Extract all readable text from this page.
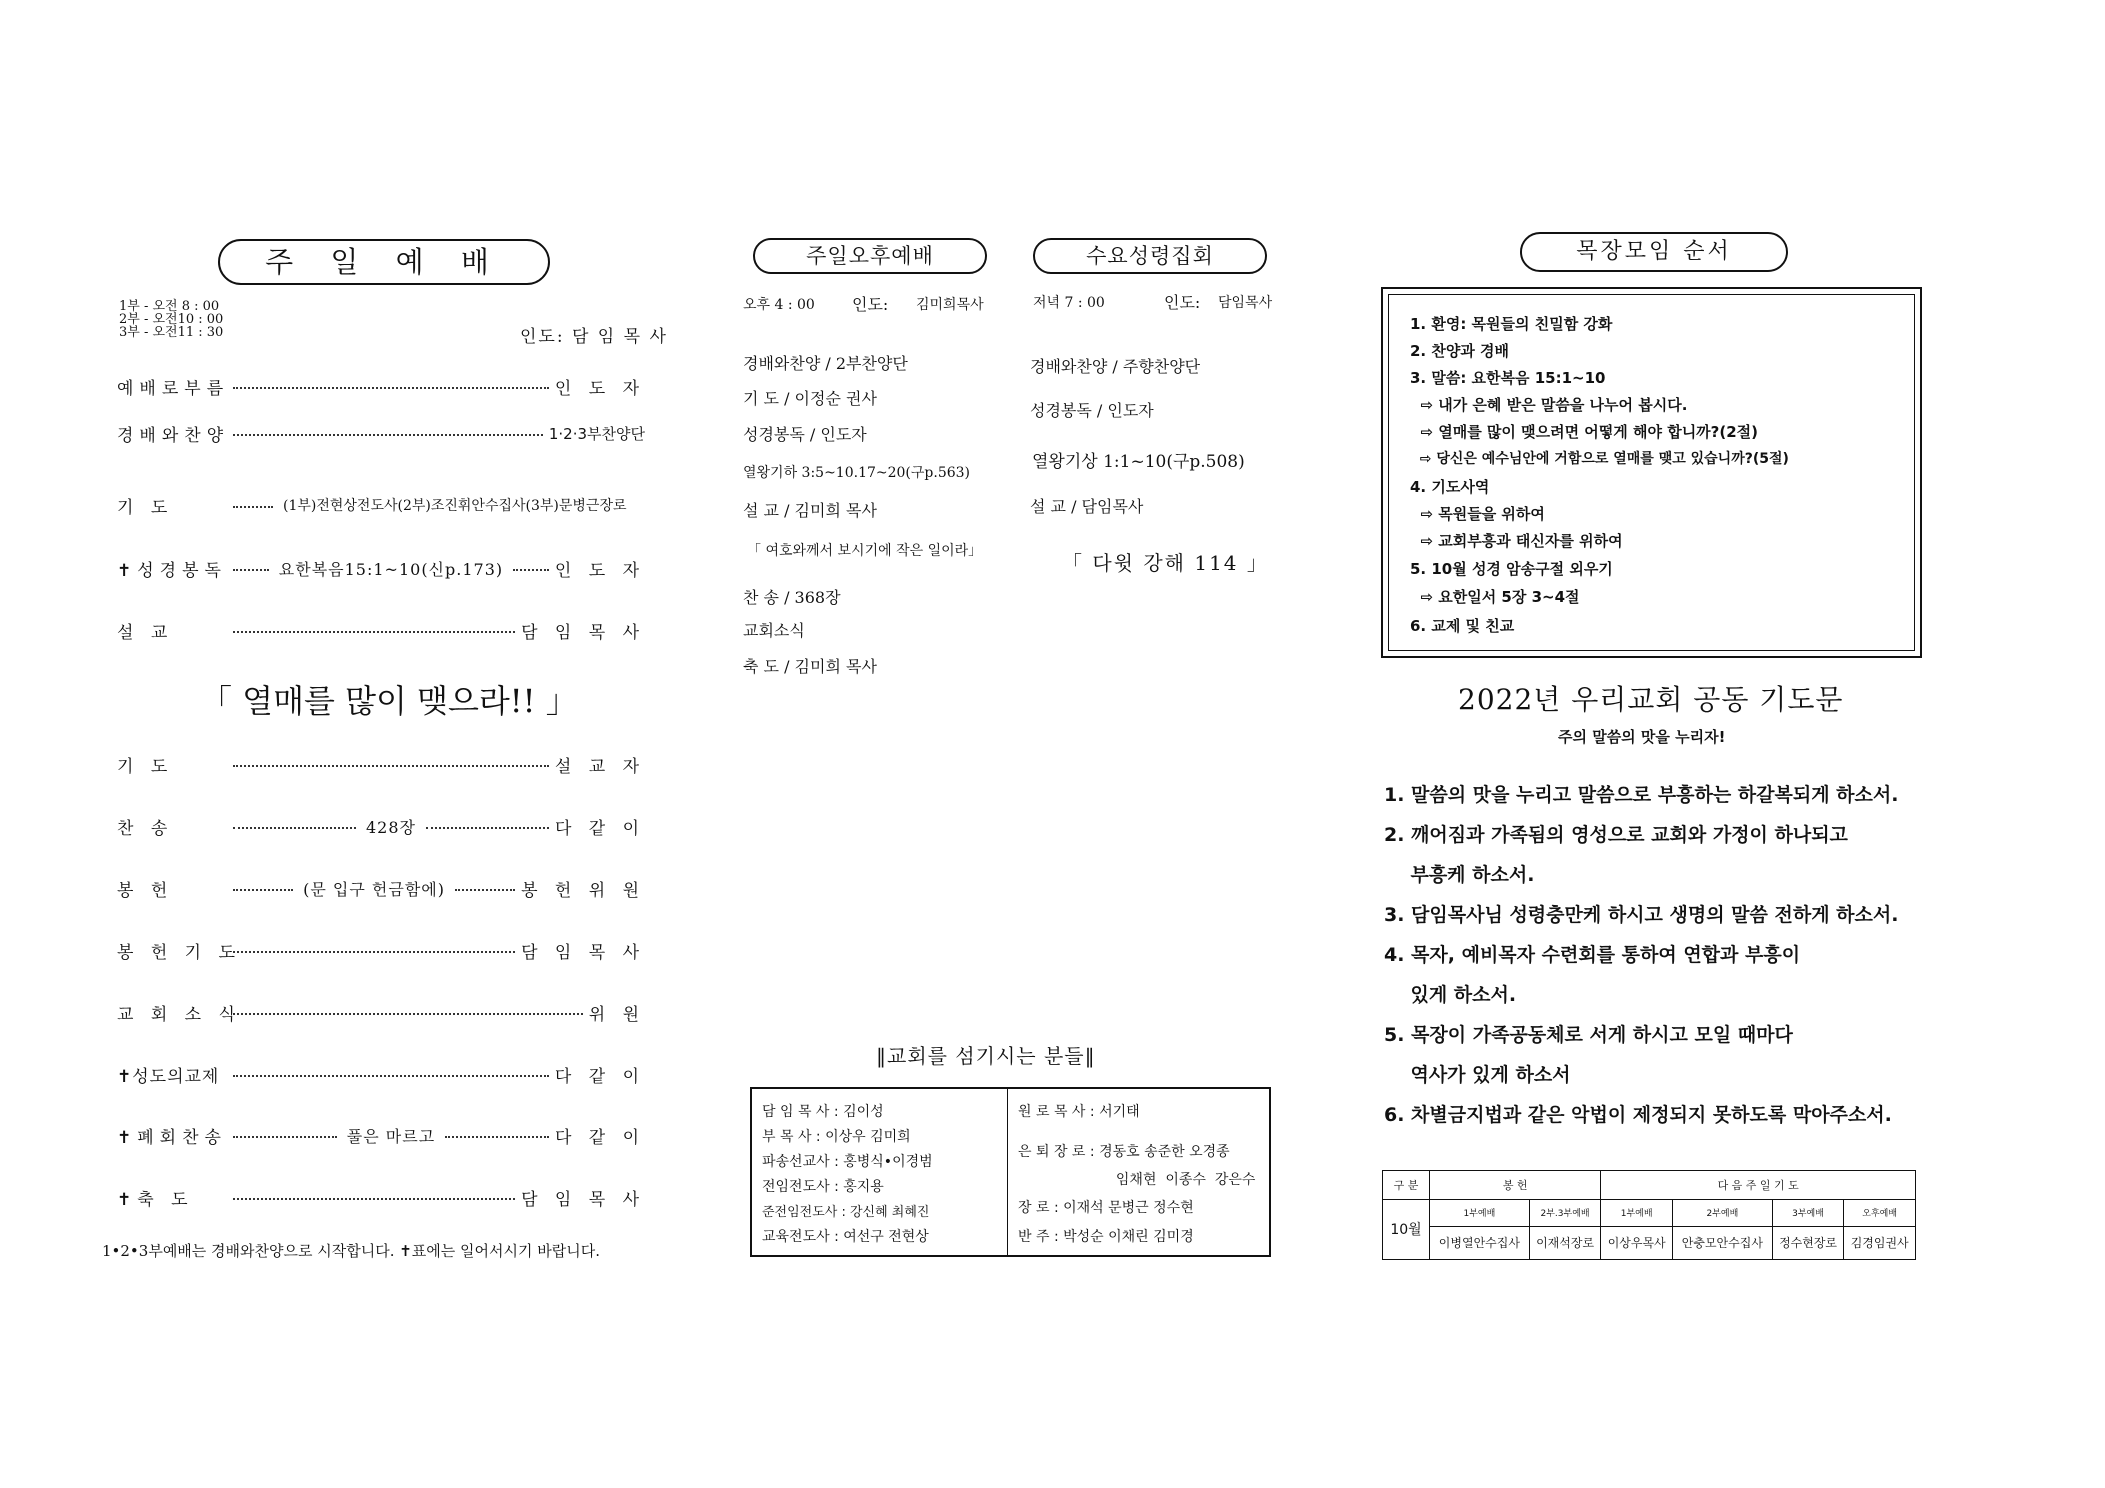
주 일 예 배
1부 - 오전 8 : 00
2부 - 오전10 : 00
3부 - 오전11 : 30	인도: 담 임 목 사
예배로부름	인 도 자
경배와찬양	1·2·3부찬양단
기 도	(1부)전현상전도사(2부)조진휘안수집사(3부)문병근장로
✝성경봉독	요한복음15:1~10(신p.173)	인 도 자
설 교	담 임 목 사
「 열매를 많이 맺으라!! 」
기 도	설 교 자
찬 송	428장	다 같 이
봉 헌	(문 입구 헌금함에)	봉 헌 위 원
봉 헌 기 도	담 임 목 사
교 회 소 식	위 원
✝성도의교제	다 같 이
✝폐회찬송	풀은 마르고	다 같 이
✝축 도	담 임 목 사
1•2•3부예배는 경배와찬양으로 시작합니다. ✝표에는 일어서시기 바랍니다.
주일오후예배	수요성령집회
오후 4 : 00 인도: 김미희목사
경배와찬양 / 2부찬양단
기 도 / 이정순 권사
성경봉독 / 인도자
열왕기하 3:5~10.17~20(구p.563)
설 교 / 김미희 목사
「 여호와께서 보시기에 작은 일이라」
찬 송 / 368장
교회소식
축 도 / 김미희 목사
저녁 7 : 00	인도: 담임목사
경배와찬양 / 주향찬양단
성경봉독 / 인도자
열왕기상 1:1~10(구p.508)
설 교 / 담임목사
「 다윗 강해 114 」
‖교회를 섬기시는 분들‖
담 임 목 사 : 김이성
부 목 사 : 이상우 김미희
파송선교사 : 홍병식•이경범
전임전도사 : 홍지용
준전임전도사 : 강신혜 최혜진
교육전도사 : 여선구 전현상
원 로 목 사 : 서기태
은 퇴 장 로 : 경동호 송준한 오경종
임채현  이종수  강은수
장 로 : 이재석 문병근 정수현
반 주 : 박성순 이채린 김미경
목장모임 순서
1. 환영: 목원들의 친밀함 강화
2. 찬양과 경배
3. 말씀: 요한복음 15:1~10
⇨ 내가 은혜 받은 말씀을 나누어 봅시다.
⇨ 열매를 많이 맺으려면 어떻게 해야 합니까?(2절)
⇨ 당신은 예수님안에 거함으로 열매를 맺고 있습니까?(5절)
4. 기도사역
⇨ 목원들을 위하여
⇨ 교회부흥과 태신자를 위하여
5. 10월 성경 암송구절 외우기
⇨ 요한일서 5장 3~4절
6. 교제 및 친교
2022년 우리교회 공동 기도문
주의 말씀의 맛을 누리자!
1. 말씀의 맛을 누리고 말씀으로 부흥하는 하갈복되게 하소서.
2. 깨어짐과 가족됨의 영성으로 교회와 가정이 하나되고
부흥케 하소서.
3. 담임목사님 성령충만케 하시고 생명의 말씀 전하게 하소서.
4. 목자, 예비목자 수련회를 통하여 연합과 부흥이
있게 하소서.
5. 목장이 가족공동체로 서게 하시고 모일 때마다
역사가 있게 하소서
6. 차별금지법과 같은 악법이 제정되지 못하도록 막아주소서.
구 분	봉 헌		다 음 주 일 기 도			
10월	1부예배	2부.3부예배	1부예배	2부예배	3부예배	오후예배
	이병열안수집사	이재석장로	이상우목사	안충모안수집사	정수현장로	김경임권사
